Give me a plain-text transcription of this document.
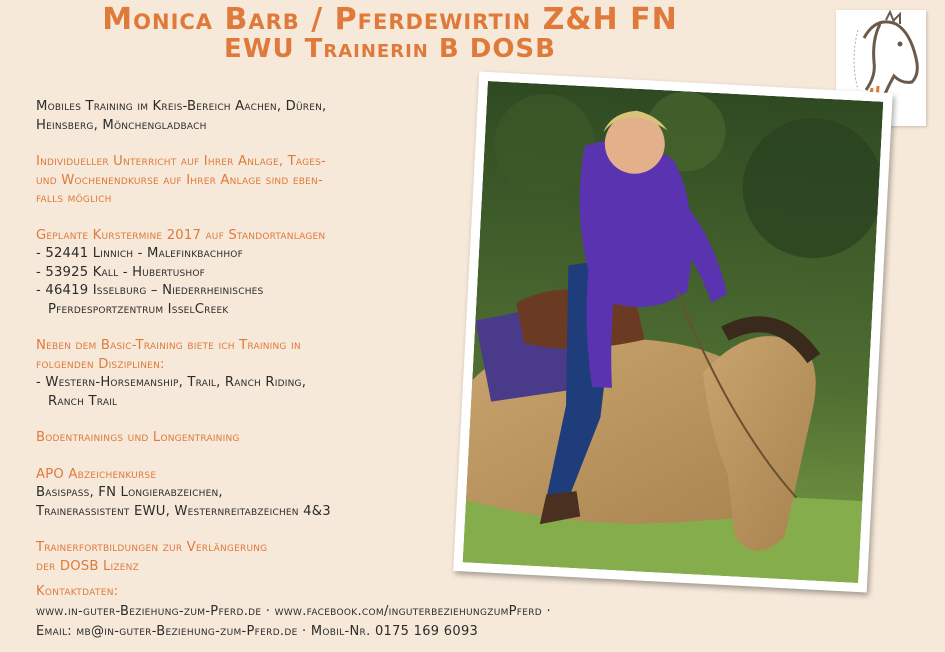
Monica Barb / Pferdewirtin Z&H FN
EWU Trainerin B DOSB

Mobiles Training im Kreis-Bereich Aachen, Düren,

Heinsberg, Mönchengladbach

Individueller Unterricht auf Ihrer Anlage, Tages-

und Wochenendkurse auf Ihrer Anlage sind eben-

falls möglich

Geplante Kurstermine 2017 auf Standortanlagen

- 52441 Linnich - Malefinkbachhof

- 53925 Kall - Hubertushof

- 46419 Isselburg – Niederrheinisches

Pferdesportzentrum IsselCreek

Neben dem Basic-Training biete ich Training in

folgenden Disziplinen:

- Western-Horsemanship, Trail, Ranch Riding,

Ranch Trail

Bodentrainings und Longentraining

APO Abzeichenkurse

Basispass, FN Longierabzeichen,

Trainerassistent EWU, Westernreitabzeichen 4&3

Trainerfortbildungen zur Verlängerung

der DOSB Lizenz

Kontaktdaten:

www.in-guter-Beziehung-zum-Pferd.de · www.facebook.com/inguterbeziehungzumPferd ·

Email: mb@in-guter-Beziehung-zum-Pferd.de · Mobil-Nr. 0175 169 6093
